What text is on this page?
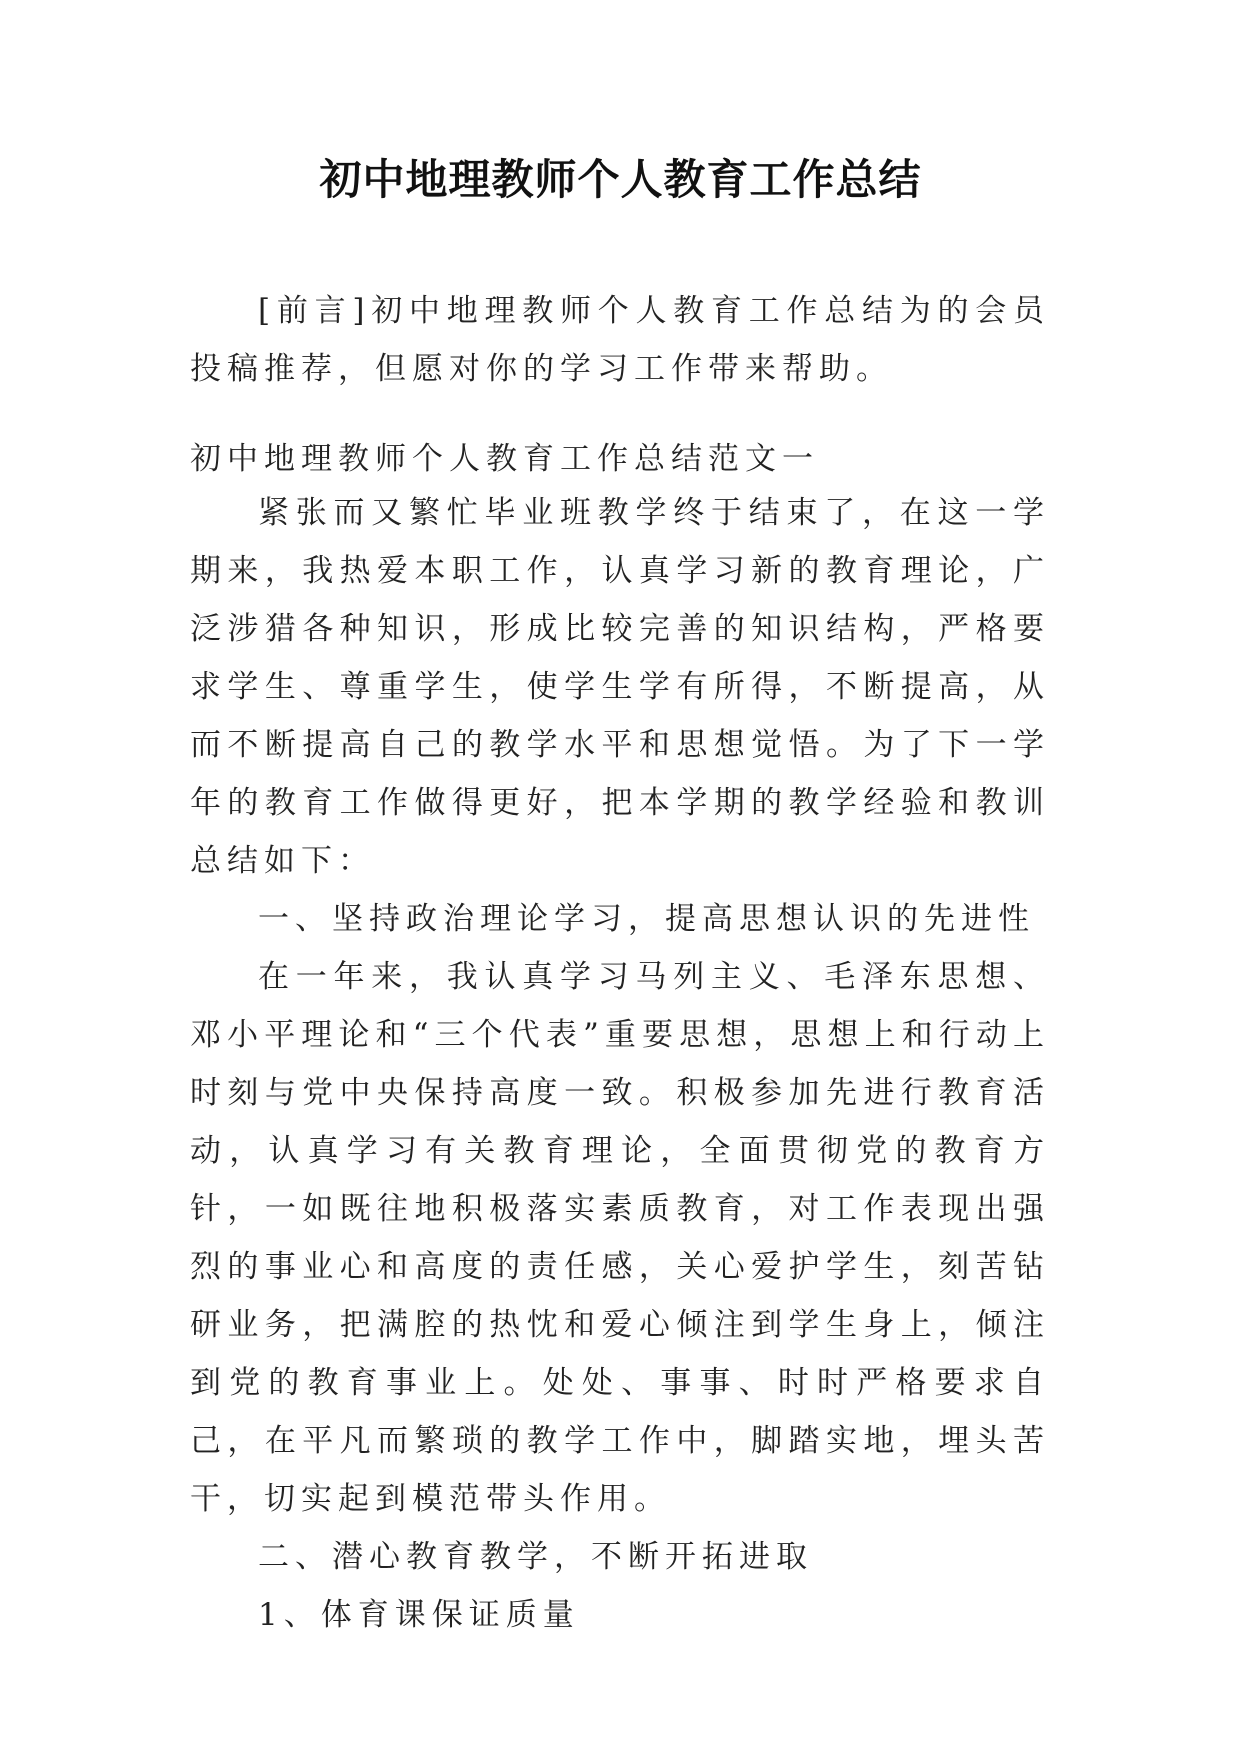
初中地理教师个人教育工作总结

[前言]初中地理教师个人教育工作总结为的会员投稿推荐，但愿对你的学习工作带来帮助。

初中地理教师个人教育工作总结范文一

紧张而又繁忙毕业班教学终于结束了，在这一学期来，我热爱本职工作，认真学习新的教育理论，广泛涉猎各种知识，形成比较完善的知识结构，严格要求学生、尊重学生，使学生学有所得，不断提高，从而不断提高自己的教学水平和思想觉悟。为了下一学年的教育工作做得更好，把本学期的教学经验和教训总结如下：

一、坚持政治理论学习，提高思想认识的先进性

在一年来，我认真学习马列主义、毛泽东思想、邓小平理论和“三个代表”重要思想，思想上和行动上时刻与党中央保持高度一致。积极参加先进行教育活动，认真学习有关教育理论，全面贯彻党的教育方针，一如既往地积极落实素质教育，对工作表现出强烈的事业心和高度的责任感，关心爱护学生，刻苦钻研业务，把满腔的热忱和爱心倾注到学生身上，倾注到党的教育事业上。处处、事事、时时严格要求自己，在平凡而繁琐的教学工作中，脚踏实地，埋头苦干，切实起到模范带头作用。

二、潜心教育教学，不断开拓进取

1、体育课保证质量
